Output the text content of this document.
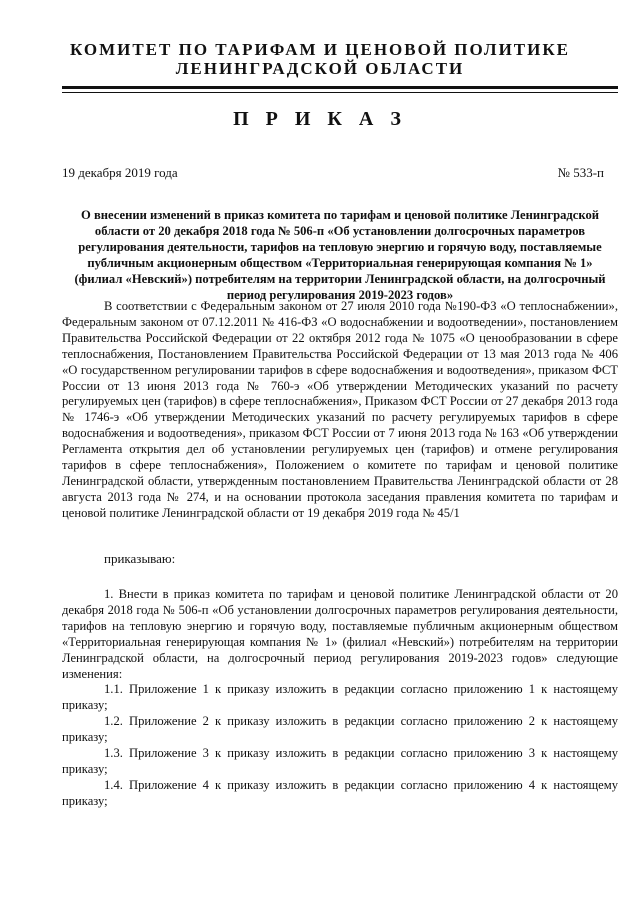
КОМИТЕТ ПО ТАРИФАМ И ЦЕНОВОЙ ПОЛИТИКЕ
ЛЕНИНГРАДСКОЙ ОБЛАСТИ
П Р И К А З
19 декабря 2019 года	№ 533-п
О внесении изменений в приказ комитета по тарифам и ценовой политике Ленинградской области от 20 декабря 2018 года № 506-п «Об установлении долгосрочных параметров регулирования деятельности, тарифов на тепловую энергию и горячую воду, поставляемые публичным акционерным обществом «Территориальная генерирующая компания № 1» (филиал «Невский») потребителям на территории Ленинградской области, на долгосрочный период регулирования 2019-2023 годов»

В соответствии с Федеральным законом от 27 июля 2010 года №190-ФЗ «О теплоснабжении», Федеральным законом от 07.12.2011 № 416-ФЗ «О водоснабжении и водоотведении», постановлением Правительства Российской Федерации от 22 октября 2012 года № 1075 «О ценообразовании в сфере теплоснабжения, Постановлением Правительства Российской Федерации от 13 мая 2013 года № 406 «О государственном регулировании тарифов в сфере водоснабжения и водоотведения», приказом ФСТ России от 13 июня 2013 года № 760-э «Об утверждении Методических указаний по расчету регулируемых цен (тарифов) в сфере теплоснабжения», Приказом ФСТ России от 27 декабря 2013 года № 1746-э «Об утверждении Методических указаний по расчету регулируемых тарифов в сфере водоснабжения и водоотведения», приказом ФСТ России от 7 июня 2013 года № 163 «Об утверждении Регламента открытия дел об установлении регулируемых цен (тарифов) и отмене регулирования тарифов в сфере теплоснабжения», Положением о комитете по тарифам и ценовой политике Ленинградской области, утвержденным постановлением Правительства Ленинградской области от 28 августа 2013 года № 274, и на основании протокола заседания правления комитета по тарифам и ценовой политике Ленинградской области от 19 декабря 2019 года № 45/1

приказываю:

1. Внести в приказ комитета по тарифам и ценовой политике Ленинградской области от 20 декабря 2018 года № 506-п «Об установлении долгосрочных параметров регулирования деятельности, тарифов на тепловую энергию и горячую воду, поставляемые публичным акционерным обществом «Территориальная генерирующая компания № 1» (филиал «Невский») потребителям на территории Ленинградской области, на долгосрочный период регулирования 2019-2023 годов» следующие изменения:

1.1. Приложение 1 к приказу изложить в редакции согласно приложению 1 к настоящему приказу;

1.2. Приложение 2 к приказу изложить в редакции согласно приложению 2 к настоящему приказу;

1.3. Приложение 3 к приказу изложить в редакции согласно приложению 3 к настоящему приказу;

1.4. Приложение 4 к приказу изложить в редакции согласно приложению 4 к настоящему приказу;
